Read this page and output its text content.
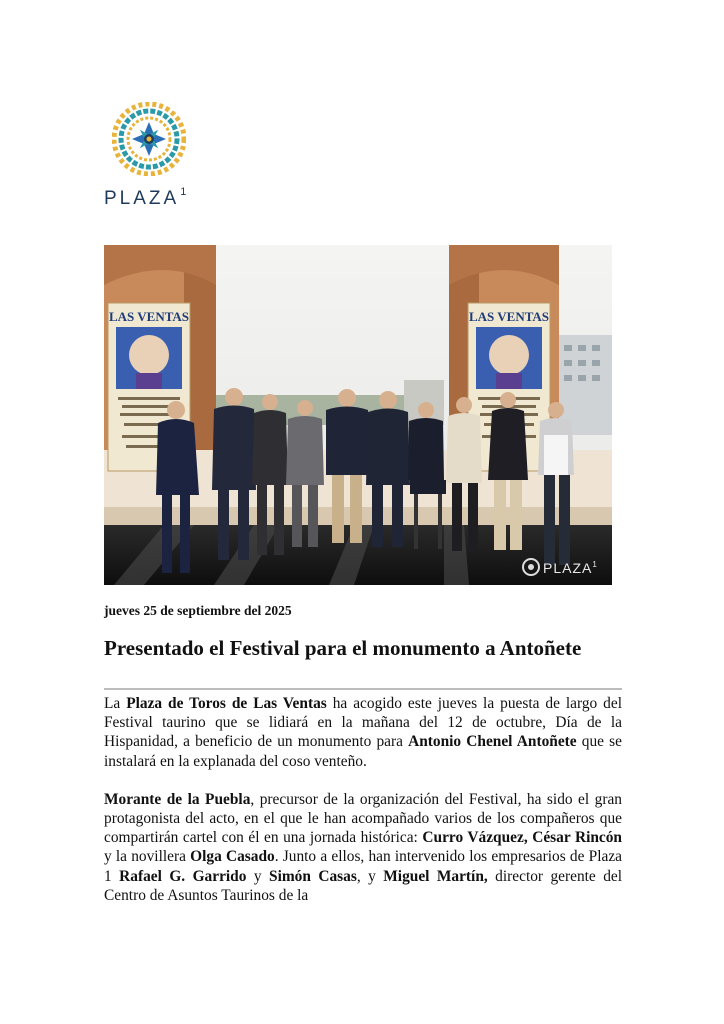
PLAZA$^1$
LAS VENTAS	LAS VENTAS
PLAZA$^1$
jueves 25 de septiembre del 2025
Presentado el Festival para el monumento a Antoñete

La Plaza de Toros de Las Ventas ha acogido este jueves la puesta de largo del Festival taurino que se lidiará en la mañana del 12 de octubre, Día de la Hispanidad, a beneficio de un monumento para Antonio Chenel Antoñete que se instalará en la explanada del coso venteño.

Morante de la Puebla, precursor de la organización del Festival, ha sido el gran protagonista del acto, en el que le han acompañado varios de los compañeros que compartirán cartel con él en una jornada histórica: Curro Vázquez, César Rincón y la novillera Olga Casado. Junto a ellos, han intervenido los empresarios de Plaza 1 Rafael G. Garrido y Simón Casas, y Miguel Martín, director gerente del Centro de Asuntos Taurinos de la
